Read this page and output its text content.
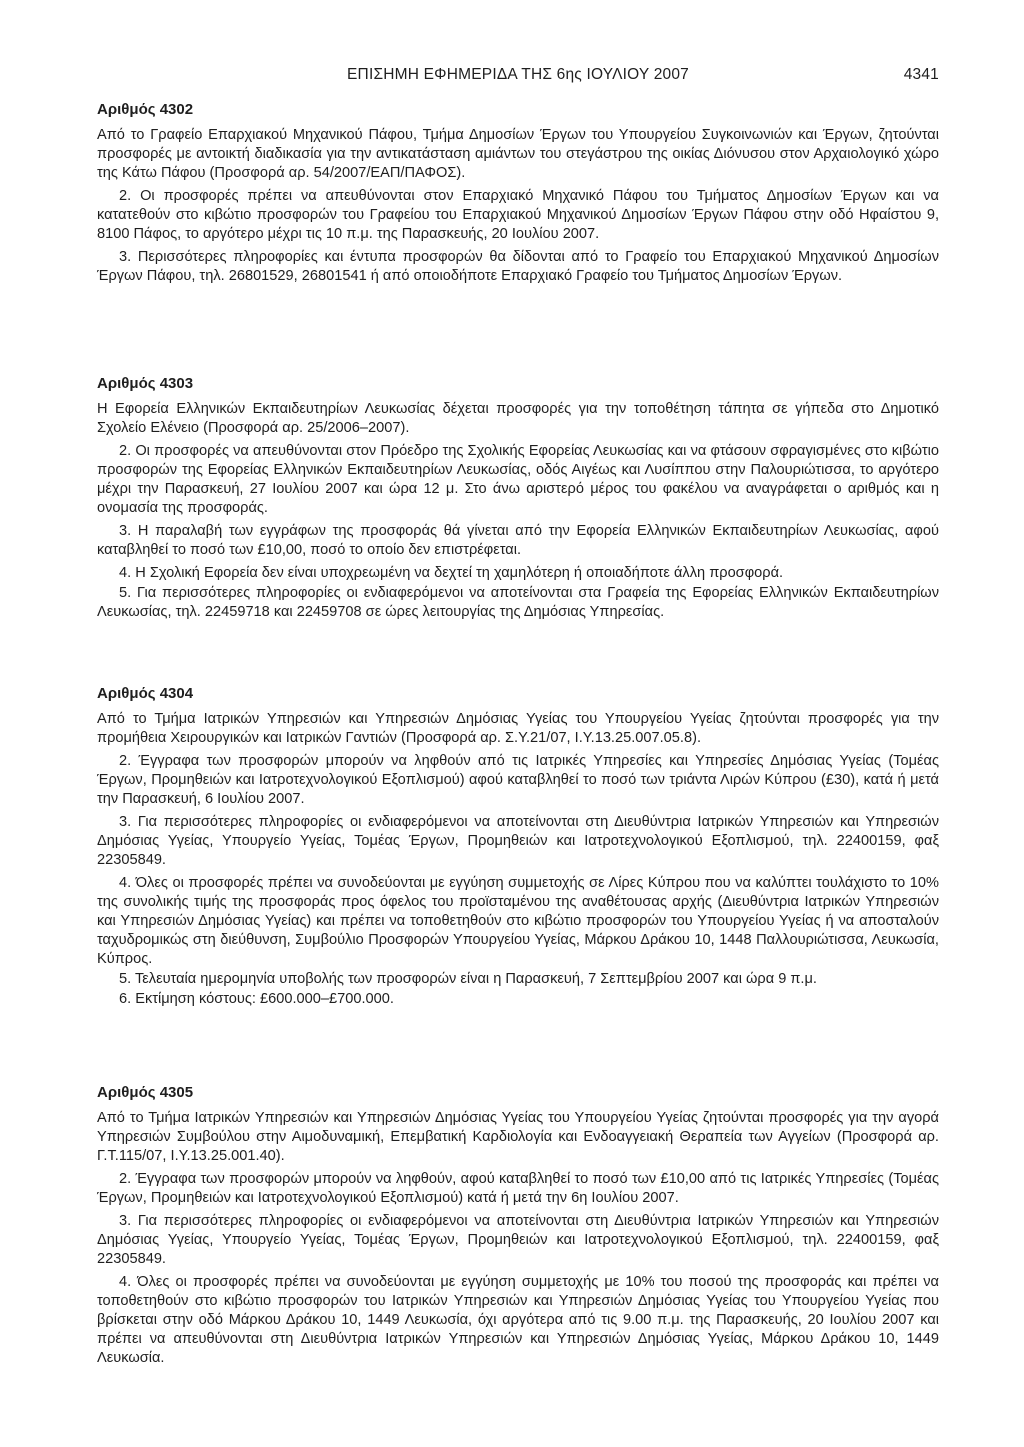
ΕΠΙΣΗΜΗ ΕΦΗΜΕΡΙΔΑ ΤΗΣ 6ης ΙΟΥΛΙΟΥ 2007	4341
Αριθμός 4302

Από το Γραφείο Επαρχιακού Μηχανικού Πάφου, Τμήμα Δημοσίων Έργων του Υπουργείου Συγκοινωνιών και Έργων, ζητούνται προσφορές με αντοικτή διαδικασία για την αντικατάσταση αμιάντων του στεγάστρου της οικίας Διόνυσου στον Αρχαιολογικό χώρο της Κάτω Πάφου (Προσφορά αρ. 54/2007/ΕΑΠ/ΠΑΦΟΣ).

2. Οι προσφορές πρέπει να απευθύνονται στον Επαρχιακό Μηχανικό Πάφου του Τμήματος Δημοσίων Έργων και να κατατεθούν στο κιβώτιο προσφορών του Γραφείου του Επαρχιακού Μηχανικού Δημοσίων Έργων Πάφου στην οδό Ηφαίστου 9, 8100 Πάφος, το αργότερο μέχρι τις 10 π.μ. της Παρασκευής, 20 Ιουλίου 2007.

3. Περισσότερες πληροφορίες και έντυπα προσφορών θα δίδονται από το Γραφείο του Επαρχιακού Μηχανικού Δημοσίων Έργων Πάφου, τηλ. 26801529, 26801541 ή από οποιοδήποτε Επαρχιακό Γραφείο του Τμήματος Δημοσίων Έργων.

Αριθμός 4303

Η Εφορεία Ελληνικών Εκπαιδευτηρίων Λευκωσίας δέχεται προσφορές για την τοποθέτηση τάπητα σε γήπεδα στο Δημοτικό Σχολείο Ελένειο (Προσφορά αρ. 25/2006–2007).

2. Οι προσφορές να απευθύνονται στον Πρόεδρο της Σχολικής Εφορείας Λευκωσίας και να φτάσουν σφραγισμένες στο κιβώτιο προσφορών της Εφορείας Ελληνικών Εκπαιδευτηρίων Λευκωσίας, οδός Αιγέως και Λυσίππου στην Παλουριώτισσα, το αργότερο μέχρι την Παρασκευή, 27 Ιουλίου 2007 και ώρα 12 μ. Στο άνω αριστερό μέρος του φακέλου να αναγράφεται ο αριθμός και η ονομασία της προσφοράς.

3. Η παραλαβή των εγγράφων της προσφοράς θά γίνεται από την Εφορεία Ελληνικών Εκπαιδευτηρίων Λευκωσίας, αφού καταβληθεί το ποσό των £10,00, ποσό το οποίο δεν επιστρέφεται.

4. Η Σχολική Εφορεία δεν είναι υποχρεωμένη να δεχτεί τη χαμηλότερη ή οποιαδήποτε άλλη προσφορά.

5. Για περισσότερες πληροφορίες οι ενδιαφερόμενοι να αποτείνονται στα Γραφεία της Εφορείας Ελληνικών Εκπαιδευτηρίων Λευκωσίας, τηλ. 22459718 και 22459708 σε ώρες λειτουργίας της Δημόσιας Υπηρεσίας.

Αριθμός 4304

Από το Τμήμα Ιατρικών Υπηρεσιών και Υπηρεσιών Δημόσιας Υγείας του Υπουργείου Υγείας ζητούνται προσφορές για την προμήθεια Χειρουργικών και Ιατρικών Γαντιών (Προσφορά αρ. Σ.Υ.21/07, Ι.Υ.13.25.007.05.8).

2. Έγγραφα των προσφορών μπορούν να ληφθούν από τις Ιατρικές Υπηρεσίες και Υπηρεσίες Δημόσιας Υγείας (Τομέας Έργων, Προμηθειών και Ιατροτεχνολογικού Εξοπλισμού) αφού καταβληθεί το ποσό των τριάντα Λιρών Κύπρου (£30), κατά ή μετά την Παρασκευή, 6 Ιουλίου 2007.

3. Για περισσότερες πληροφορίες οι ενδιαφερόμενοι να αποτείνονται στη Διευθύντρια Ιατρικών Υπηρεσιών και Υπηρεσιών Δημόσιας Υγείας, Υπουργείο Υγείας, Τομέας Έργων, Προμηθειών και Ιατροτεχνολογικού Εξοπλισμού, τηλ. 22400159, φαξ 22305849.

4. Όλες οι προσφορές πρέπει να συνοδεύονται με εγγύηση συμμετοχής σε Λίρες Κύπρου που να καλύπτει τουλάχιστο το 10% της συνολικής τιμής της προσφοράς προς όφελος του προϊσταμένου της αναθέτουσας αρχής (Διευθύντρια Ιατρικών Υπηρεσιών και Υπηρεσιών Δημόσιας Υγείας) και πρέπει να τοποθετηθούν στο κιβώτιο προσφορών του Υπουργείου Υγείας ή να αποσταλούν ταχυδρομικώς στη διεύθυνση, Συμβούλιο Προσφορών Υπουργείου Υγείας, Μάρκου Δράκου 10, 1448 Παλλουριώτισσα, Λευκωσία, Κύπρος.

5. Τελευταία ημερομηνία υποβολής των προσφορών είναι η Παρασκευή, 7 Σεπτεμβρίου 2007 και ώρα 9 π.μ.

6. Εκτίμηση κόστους: £600.000–£700.000.

Αριθμός 4305

Από το Τμήμα Ιατρικών Υπηρεσιών και Υπηρεσιών Δημόσιας Υγείας του Υπουργείου Υγείας ζητούνται προσφορές για την αγορά Υπηρεσιών Συμβούλου στην Αιμοδυναμική, Επεμβατική Καρδιολογία και Ενδοαγγειακή Θεραπεία των Αγγείων (Προσφορά αρ. Γ.Τ.115/07, Ι.Υ.13.25.001.40).

2. Έγγραφα των προσφορών μπορούν να ληφθούν, αφού καταβληθεί το ποσό των £10,00 από τις Ιατρικές Υπηρεσίες (Τομέας Έργων, Προμηθειών και Ιατροτεχνολογικού Εξοπλισμού) κατά ή μετά την 6η Ιουλίου 2007.

3. Για περισσότερες πληροφορίες οι ενδιαφερόμενοι να αποτείνονται στη Διευθύντρια Ιατρικών Υπηρεσιών και Υπηρεσιών Δημόσιας Υγείας, Υπουργείο Υγείας, Τομέας Έργων, Προμηθειών και Ιατροτεχνολογικού Εξοπλισμού, τηλ. 22400159, φαξ 22305849.

4. Όλες οι προσφορές πρέπει να συνοδεύονται με εγγύηση συμμετοχής με 10% του ποσού της προσφοράς και πρέπει να τοποθετηθούν στο κιβώτιο προσφορών του Ιατρικών Υπηρεσιών και Υπηρεσιών Δημόσιας Υγείας του Υπουργείου Υγείας που βρίσκεται στην οδό Μάρκου Δράκου 10, 1449 Λευκωσία, όχι αργότερα από τις 9.00 π.μ. της Παρασκευής, 20 Ιουλίου 2007 και πρέπει να απευθύνονται στη Διευθύντρια Ιατρικών Υπηρεσιών και Υπηρεσιών Δημόσιας Υγείας, Μάρκου Δράκου 10, 1449 Λευκωσία.
